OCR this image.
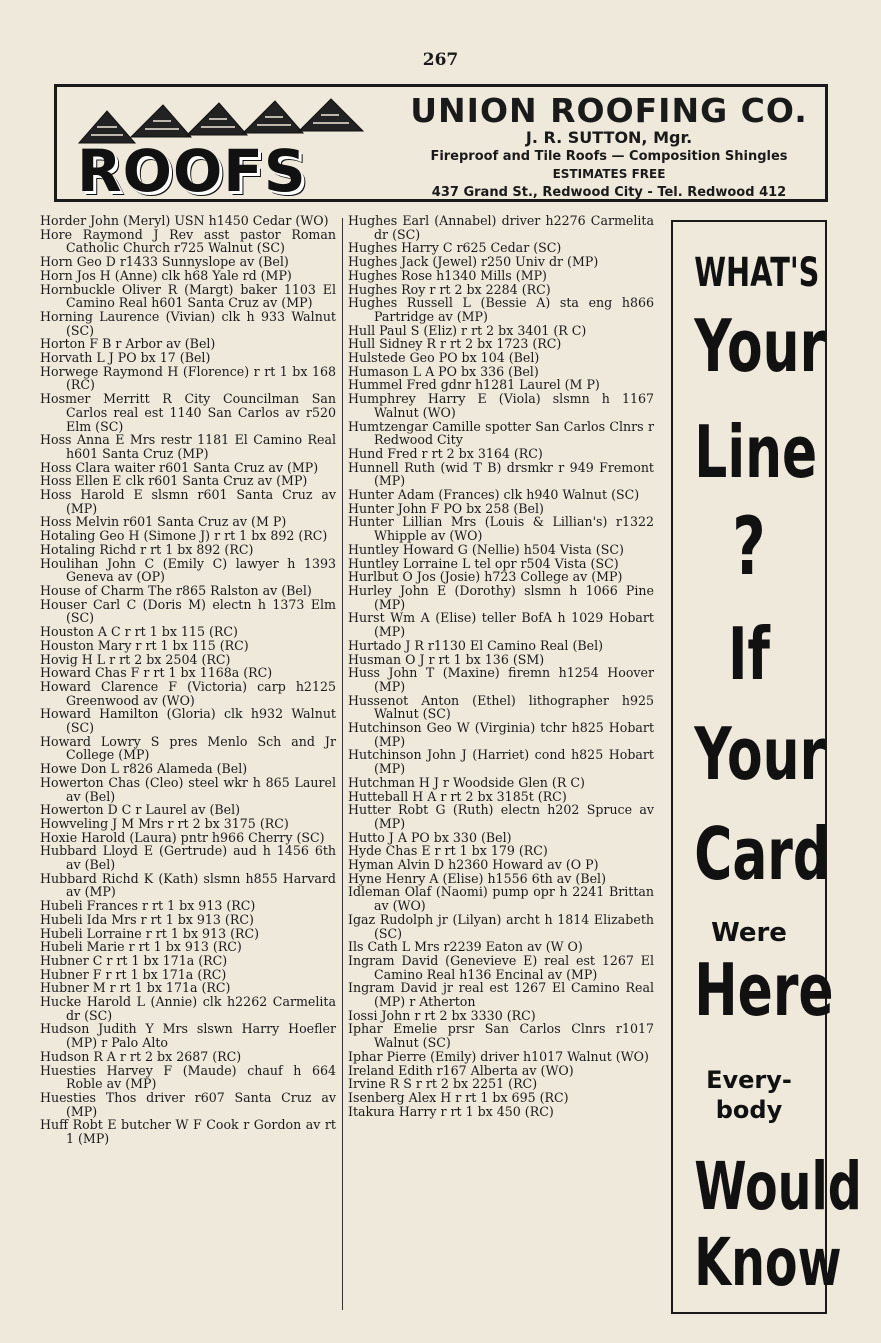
267
ROOFS
UNION ROOFING CO.
J. R. SUTTON, Mgr.
Fireproof and Tile Roofs — Composition Shingles
ESTIMATES FREE
437 Grand St., Redwood City - Tel. Redwood 412
Horder John (Meryl) USN h1450 Cedar (WO)
Hore Raymond J Rev asst pastor Roman Catholic Church r725 Walnut (SC)
Horn Geo D r1433 Sunnyslope av (Bel)
Horn Jos H (Anne) clk h68 Yale rd (MP)
Hornbuckle Oliver R (Margt) baker 1103 El Camino Real h601 Santa Cruz av (MP)
Horning Laurence (Vivian) clk h 933 Walnut (SC)
Horton F B r Arbor av (Bel)
Horvath L J PO bx 17 (Bel)
Horwege Raymond H (Florence) r rt 1 bx 168 (RC)
Hosmer Merritt R City Councilman San Carlos real est 1140 San Carlos av r520 Elm (SC)
Hoss Anna E Mrs restr 1181 El Camino Real h601 Santa Cruz (MP)
Hoss Clara waiter r601 Santa Cruz av (MP)
Hoss Ellen E clk r601 Santa Cruz av (MP)
Hoss Harold E slsmn r601 Santa Cruz av (MP)
Hoss Melvin r601 Santa Cruz av (M P)
Hotaling Geo H (Simone J) r rt 1 bx 892 (RC)
Hotaling Richd r rt 1 bx 892 (RC)
Houlihan John C (Emily C) lawyer h 1393 Geneva av (OP)
House of Charm The r865 Ralston av (Bel)
Houser Carl C (Doris M) electn h 1373 Elm (SC)
Houston A C r rt 1 bx 115 (RC)
Houston Mary r rt 1 bx 115 (RC)
Hovig H L r rt 2 bx 2504 (RC)
Howard Chas F r rt 1 bx 1168a (RC)
Howard Clarence F (Victoria) carp h2125 Greenwood av (WO)
Howard Hamilton (Gloria) clk h932 Walnut (SC)
Howard Lowry S pres Menlo Sch and Jr College (MP)
Howe Don L r826 Alameda (Bel)
Howerton Chas (Cleo) steel wkr h 865 Laurel av (Bel)
Howerton D C r Laurel av (Bel)
Howveling J M Mrs r rt 2 bx 3175 (RC)
Hoxie Harold (Laura) pntr h966 Cherry (SC)
Hubbard Lloyd E (Gertrude) aud h 1456 6th av (Bel)
Hubbard Richd K (Kath) slsmn h855 Harvard av (MP)
Hubeli Frances r rt 1 bx 913 (RC)
Hubeli Ida Mrs r rt 1 bx 913 (RC)
Hubeli Lorraine r rt 1 bx 913 (RC)
Hubeli Marie r rt 1 bx 913 (RC)
Hubner C r rt 1 bx 171a (RC)
Hubner F r rt 1 bx 171a (RC)
Hubner M r rt 1 bx 171a (RC)
Hucke Harold L (Annie) clk h2262 Carmelita dr (SC)
Hudson Judith Y Mrs slswn Harry Hoefler (MP) r Palo Alto
Hudson R A r rt 2 bx 2687 (RC)
Huesties Harvey F (Maude) chauf h 664 Roble av (MP)
Huesties Thos driver r607 Santa Cruz av (MP)
Huff Robt E butcher W F Cook r Gordon av rt 1 (MP)
Hughes Earl (Annabel) driver h2276 Carmelita dr (SC)
Hughes Harry C r625 Cedar (SC)
Hughes Jack (Jewel) r250 Univ dr (MP)
Hughes Rose h1340 Mills (MP)
Hughes Roy r rt 2 bx 2284 (RC)
Hughes Russell L (Bessie A) sta eng h866 Partridge av (MP)
Hull Paul S (Eliz) r rt 2 bx 3401 (R C)
Hull Sidney R r rt 2 bx 1723 (RC)
Hulstede Geo PO bx 104 (Bel)
Humason L A PO bx 336 (Bel)
Hummel Fred gdnr h1281 Laurel (M P)
Humphrey Harry E (Viola) slsmn h 1167 Walnut (WO)
Humtzengar Camille spotter San Carlos Clnrs r Redwood City
Hund Fred r rt 2 bx 3164 (RC)
Hunnell Ruth (wid T B) drsmkr r 949 Fremont (MP)
Hunter Adam (Frances) clk h940 Walnut (SC)
Hunter John F PO bx 258 (Bel)
Hunter Lillian Mrs (Louis & Lillian's) r1322 Whipple av (WO)
Huntley Howard G (Nellie) h504 Vista (SC)
Huntley Lorraine L tel opr r504 Vista (SC)
Hurlbut O Jos (Josie) h723 College av (MP)
Hurley John E (Dorothy) slsmn h 1066 Pine (MP)
Hurst Wm A (Elise) teller BofA h 1029 Hobart (MP)
Hurtado J R r1130 El Camino Real (Bel)
Husman O J r rt 1 bx 136 (SM)
Huss John T (Maxine) firemn h1254 Hoover (MP)
Hussenot Anton (Ethel) lithographer h925 Walnut (SC)
Hutchinson Geo W (Virginia) tchr h825 Hobart (MP)
Hutchinson John J (Harriet) cond h825 Hobart (MP)
Hutchman H J r Woodside Glen (R C)
Hutteball H A r rt 2 bx 3185t (RC)
Hutter Robt G (Ruth) electn h202 Spruce av (MP)
Hutto J A PO bx 330 (Bel)
Hyde Chas E r rt 1 bx 179 (RC)
Hyman Alvin D h2360 Howard av (O P)
Hyne Henry A (Elise) h1556 6th av (Bel)
Idleman Olaf (Naomi) pump opr h 2241 Brittan av (WO)
Igaz Rudolph jr (Lilyan) archt h 1814 Elizabeth (SC)
Ils Cath L Mrs r2239 Eaton av (W O)
Ingram David (Genevieve E) real est 1267 El Camino Real h136 Encinal av (MP)
Ingram David jr real est 1267 El Camino Real (MP) r Atherton
Iossi John r rt 2 bx 3330 (RC)
Iphar Emelie prsr San Carlos Clnrs r1017 Walnut (SC)
Iphar Pierre (Emily) driver h1017 Walnut (WO)
Ireland Edith r167 Alberta av (WO)
Irvine R S r rt 2 bx 2251 (RC)
Isenberg Alex H r rt 1 bx 695 (RC)
Itakura Harry r rt 1 bx 450 (RC)
WHAT'S
Your
Line
?
If
Your
Card
Were
Here
Every-
body
Would
Know
